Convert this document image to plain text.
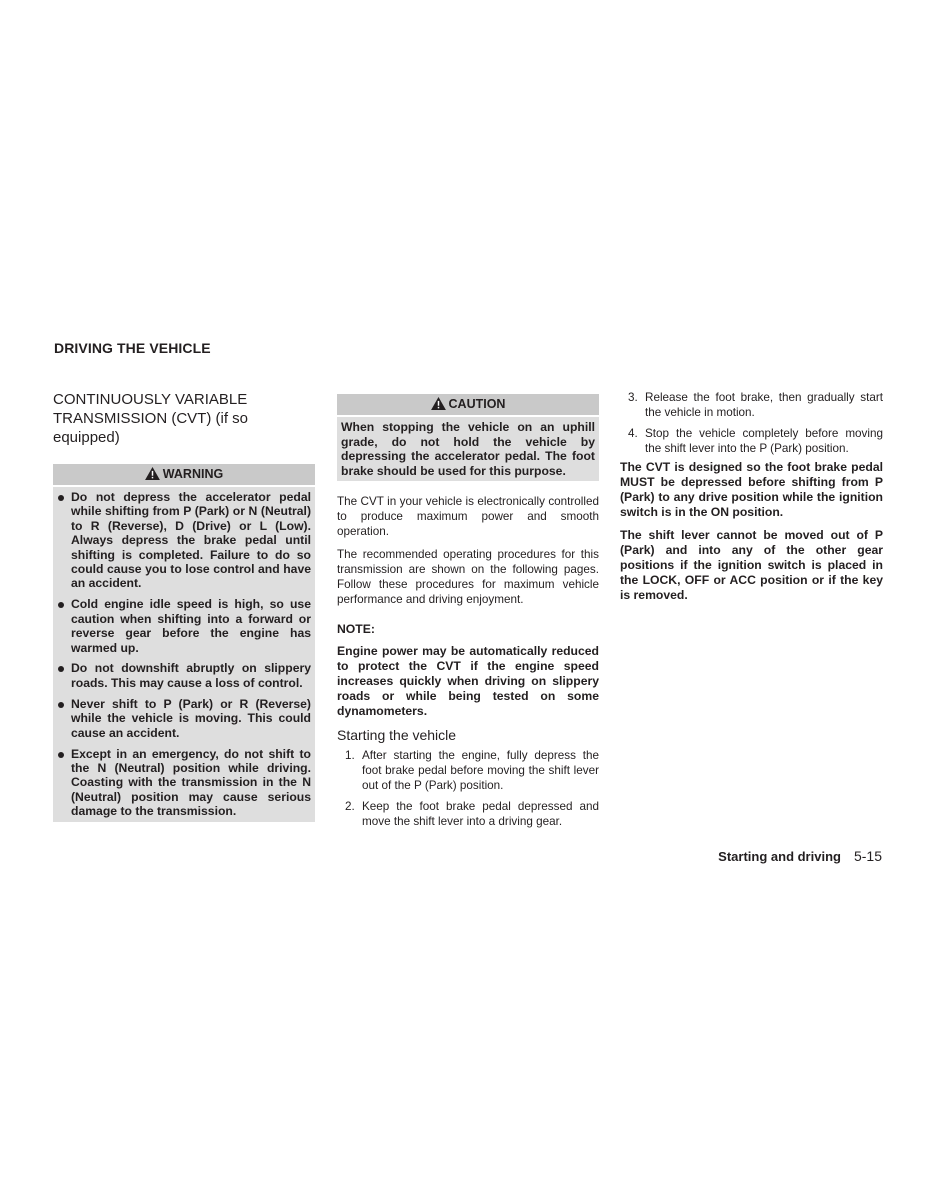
DRIVING THE VEHICLE
CONTINUOUSLY VARIABLE TRANSMISSION (CVT) (if so equipped)
WARNING
Do not depress the accelerator pedal while shifting from P (Park) or N (Neutral) to R (Reverse), D (Drive) or L (Low). Always depress the brake pedal until shifting is completed. Failure to do so could cause you to lose control and have an accident.
Cold engine idle speed is high, so use caution when shifting into a forward or reverse gear before the engine has warmed up.
Do not downshift abruptly on slippery roads. This may cause a loss of control.
Never shift to P (Park) or R (Reverse) while the vehicle is moving. This could cause an accident.
Except in an emergency, do not shift to the N (Neutral) position while driving. Coasting with the transmission in the N (Neutral) position may cause serious damage to the transmission.
CAUTION

When stopping the vehicle on an uphill grade, do not hold the vehicle by depressing the accelerator pedal. The foot brake should be used for this purpose.

The CVT in your vehicle is electronically controlled to produce maximum power and smooth operation.

The recommended operating procedures for this transmission are shown on the following pages. Follow these procedures for maximum vehicle performance and driving enjoyment.

NOTE:

Engine power may be automatically reduced to protect the CVT if the engine speed increases quickly when driving on slippery roads or while being tested on some dynamometers.

Starting the vehicle
1. After starting the engine, fully depress the foot brake pedal before moving the shift lever out of the P (Park) position.
2. Keep the foot brake pedal depressed and move the shift lever into a driving gear.
3. Release the foot brake, then gradually start the vehicle in motion.
4. Stop the vehicle completely before moving the shift lever into the P (Park) position.

The CVT is designed so the foot brake pedal MUST be depressed before shifting from P (Park) to any drive position while the ignition switch is in the ON position.

The shift lever cannot be moved out of P (Park) and into any of the other gear positions if the ignition switch is placed in the LOCK, OFF or ACC position or if the key is removed.

Starting and driving 5-15
